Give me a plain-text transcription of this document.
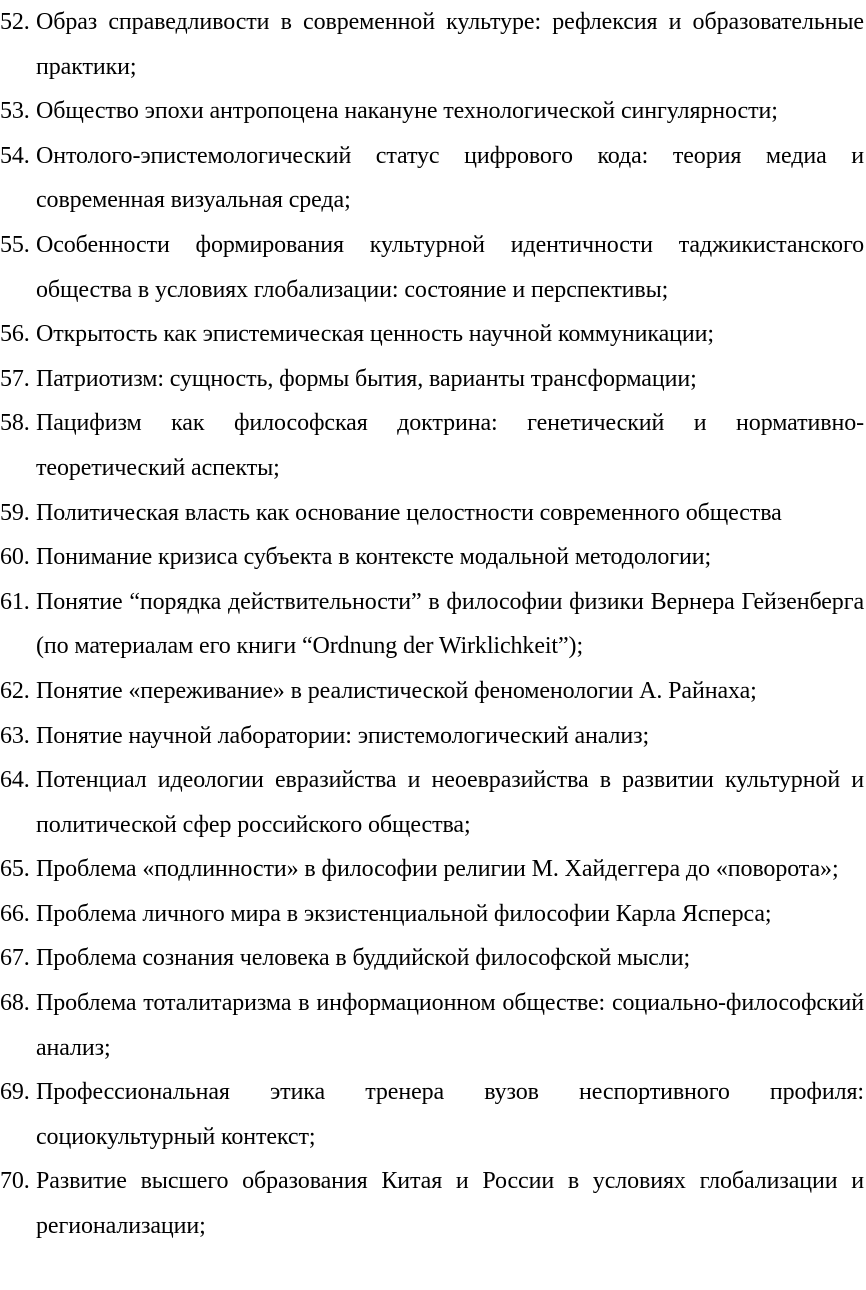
52. Образ справедливости в современной культуре: рефлексия и образовательные практики;
53. Общество эпохи антропоцена накануне технологической сингулярности;
54. Онтолого-эпистемологический статус цифрового кода: теория медиа и современная визуальная среда;
55. Особенности формирования культурной идентичности таджикистанского общества в условиях глобализации: состояние и перспективы;
56. Открытость как эпистемическая ценность научной коммуникации;
57. Патриотизм: сущность, формы бытия, варианты трансформации;
58. Пацифизм как философская доктрина: генетический и нормативно-теоретический аспекты;
59. Политическая власть как основание целостности современного общества
60. Понимание кризиса субъекта в контексте модальной методологии;
61. Понятие “порядка действительности” в философии физики Вернера Гейзенберга (по материалам его книги “Ordnung der Wirklichkeit”);
62. Понятие «переживание» в реалистической феноменологии А. Райнаха;
63. Понятие научной лаборатории: эпистемологический анализ;
64. Потенциал идеологии евразийства и неоевразийства в развитии культурной и политической сфер российского общества;
65. Проблема «подлинности» в философии религии М. Хайдеггера до «поворота»;
66. Проблема личного мира в экзистенциальной философии Карла Ясперса;
67. Проблема сознания человека в буддийской философской мысли;
68. Проблема тоталитаризма в информационном обществе: социально-философский анализ;
69. Профессиональная этика тренера вузов неспортивного профиля: социокультурный контекст;
70. Развитие высшего образования Китая и России в условиях глобализации и регионализации;
